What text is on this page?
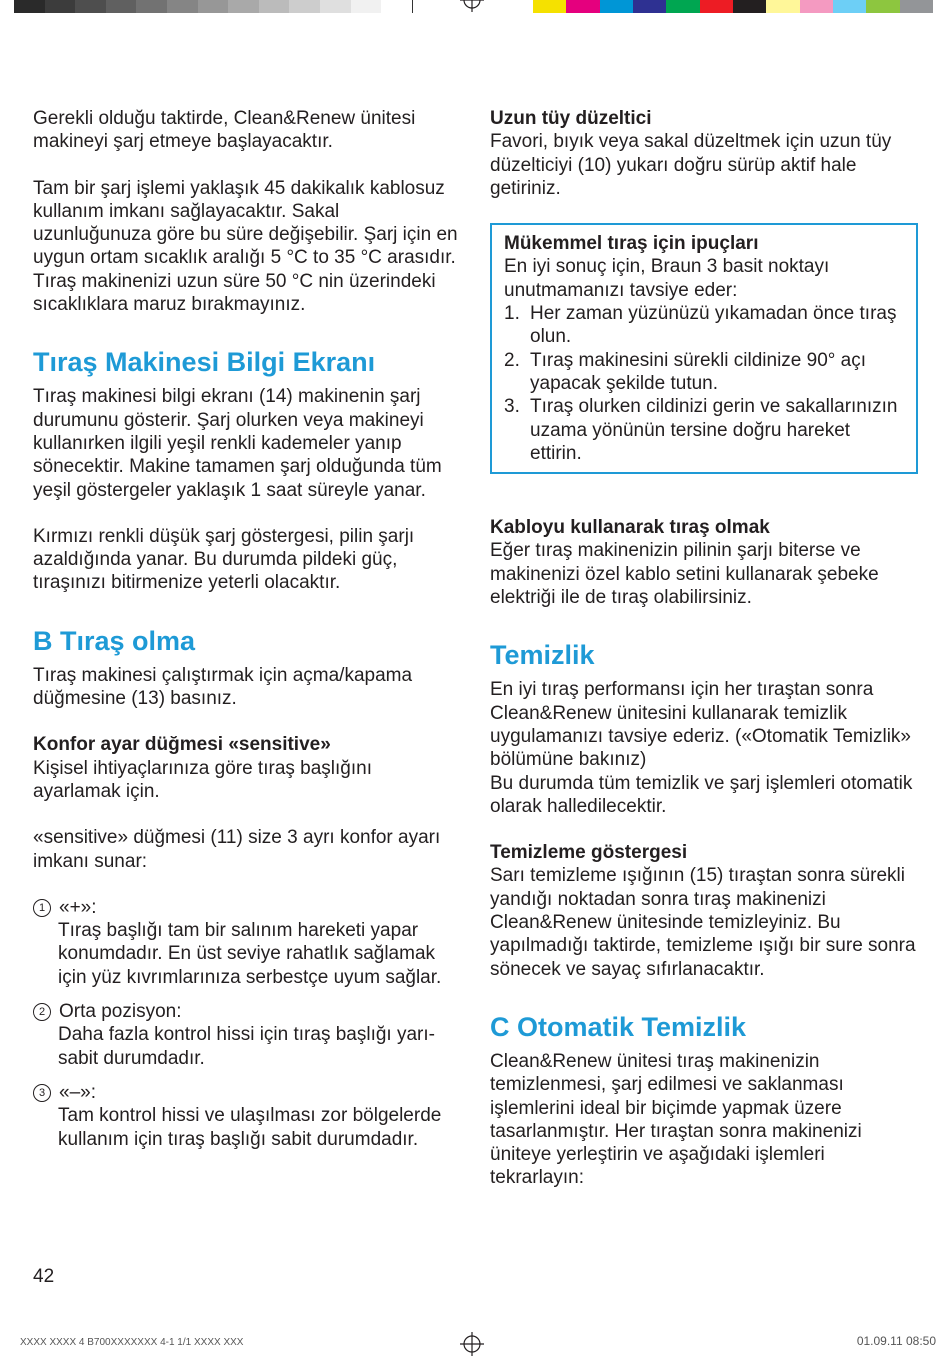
Gerekli olduğu taktirde, Clean&Renew ünitesi makineyi şarj etmeye başlayacaktır.

Tam bir şarj işlemi yaklaşık 45 dakikalık kablosuz kullanım imkanı sağlayacaktır. Sakal uzunluğunuza göre bu süre değişebilir. Şarj için en uygun ortam sıcaklık aralığı 5 °C to 35 °C arasıdır. Tıraş makinenizi uzun süre 50 °C nin üzerindeki sıcaklıklara maruz bırakmayınız.

Tıraş Makinesi Bilgi Ekranı

Tıraş makinesi bilgi ekranı (14) makinenin şarj durumunu gösterir. Şarj olurken veya makineyi kullanırken ilgili yeşil renkli kademeler yanıp sönecektir. Makine tamamen şarj olduğunda tüm yeşil göstergeler yaklaşık 1 saat süreyle yanar.

Kırmızı renkli düşük şarj göstergesi, pilin şarjı azaldığında yanar. Bu durumda pildeki güç, tıraşınızı bitirmenize yeterli olacaktır.

B Tıraş olma

Tıraş makinesi çalıştırmak için açma/kapama düğmesine (13) basınız.

Konfor ayar düğmesi «sensitive»

Kişisel ihtiyaçlarınıza göre tıraş başlığını ayarlamak için.

«sensitive» düğmesi (11) size 3 ayrı konfor ayarı imkanı sunar:

1 «+»:

Tıraş başlığı tam bir salınım hareketi yapar konumdadır. En üst seviye rahatlık sağlamak için yüz kıvrımlarınıza serbestçe uyum sağlar.

2 Orta pozisyon:

Daha fazla kontrol hissi için tıraş başlığı yarı-sabit durumdadır.

3 «–»:

Tam kontrol hissi ve ulaşılması zor bölgelerde kullanım için tıraş başlığı sabit durumdadır.

Uzun tüy düzeltici

Favori, bıyık veya sakal düzeltmek için uzun tüy düzelticiyi (10) yukarı doğru sürüp aktif hale getiriniz.

Mükemmel tıraş için ipuçları

En iyi sonuç için, Braun 3 basit noktayı unutmamanızı tavsiye eder:

1. Her zaman yüzünüzü yıkamadan önce tıraş olun.
2. Tıraş makinesini sürekli cildinize 90° açı yapacak şekilde tutun.
3. Tıraş olurken cildinizi gerin ve sakallarınızın uzama yönünün tersine doğru hareket ettirin.

Kabloyu kullanarak tıraş olmak

Eğer tıraş makinenizin pilinin şarjı biterse ve makinenizi özel kablo setini kullanarak şebeke elektriği ile de tıraş olabilirsiniz.

Temizlik

En iyi tıraş performansı için her tıraştan sonra Clean&Renew ünitesini kullanarak temizlik uygulamanızı tavsiye ederiz. («Otomatik Temizlik» bölümüne bakınız)

Bu durumda tüm temizlik ve şarj işlemleri otomatik olarak halledilecektir.

Temizleme göstergesi

Sarı temizleme ışığının (15) tıraştan sonra sürekli yandığı noktadan sonra tıraş makinenizi Clean&Renew ünitesinde temizleyiniz. Bu yapılmadığı taktirde, temizleme ışığı bir sure sonra sönecek ve sayaç sıfırlanacaktır.

C Otomatik Temizlik

Clean&Renew ünitesi tıraş makinenizin temizlenmesi, şarj edilmesi ve saklanması işlemlerini ideal bir biçimde yapmak üzere tasarlanmıştır. Her tıraştan sonra makinenizi üniteye yerleştirin ve aşağıdaki işlemleri tekrarlayın:

42
XXXX XXXX 4 B700XXXXXXX 4-1 1/1 XXXX XXX	01.09.11 08:50
